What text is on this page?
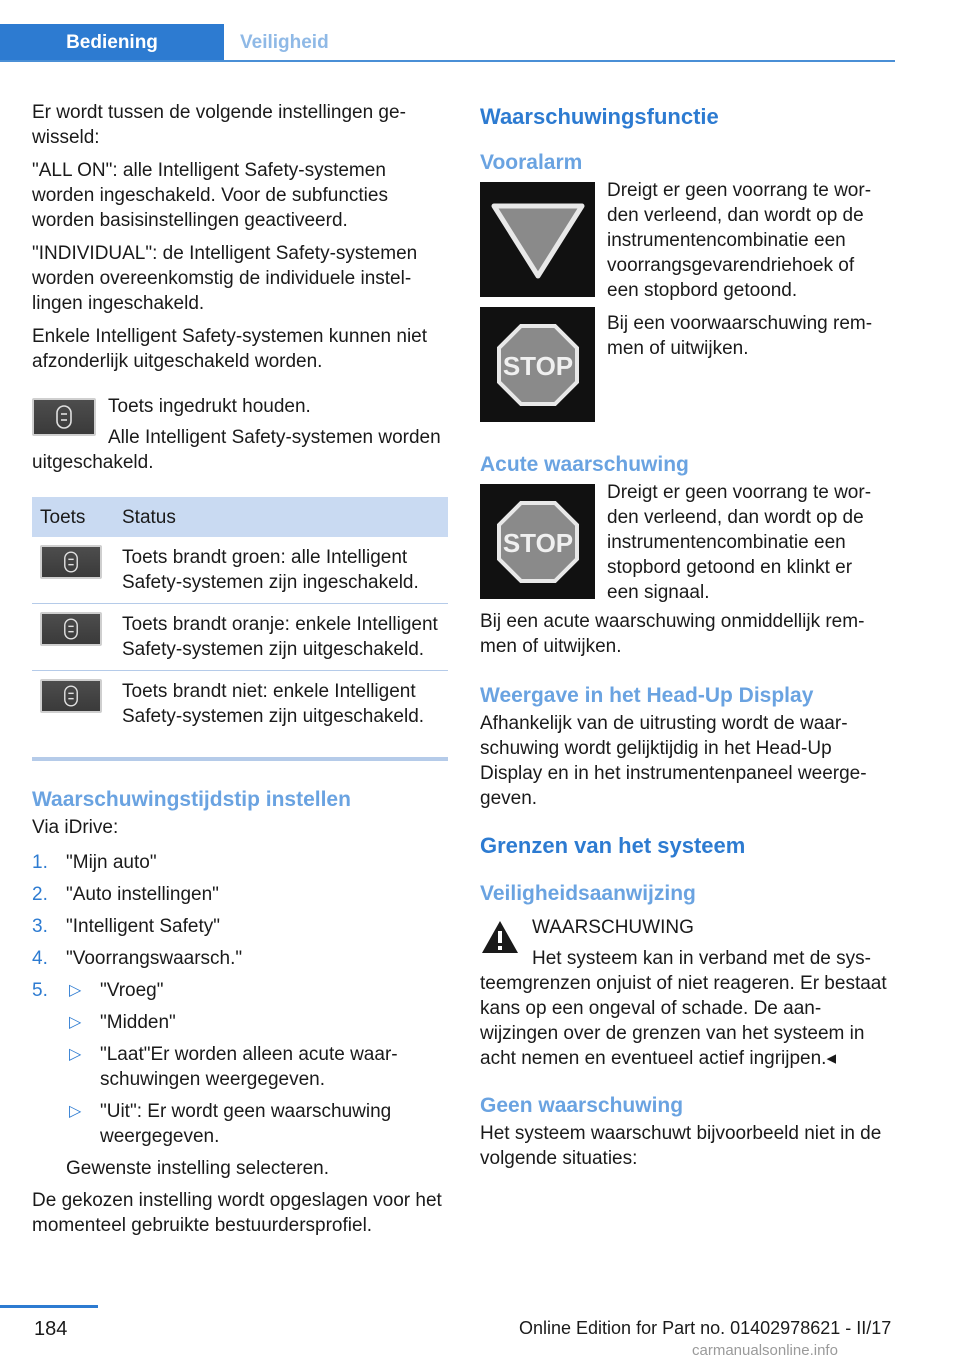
Bediening	Veiligheid

Er wordt tussen de volgende instellingen gewisseld:

"ALL ON": alle Intelligent Safety-systemen worden ingeschakeld. Voor de subfuncties worden basisinstellingen geactiveerd.

"INDIVIDUAL": de Intelligent Safety-systemen worden overeenkomstig de individuele instellingen ingeschakeld.

Enkele Intelligent Safety-systemen kunnen niet afzonderlijk uitgeschakeld worden.

Toets ingedrukt houden.

Alle Intelligent Safety-systemen worden uitgeschakeld.

Toets	Status

	Toets brandt groen: alle Intelligent Safety-systemen zijn ingeschakeld.

	Toets brandt oranje: enkele Intelligent Safety-systemen zijn uitgeschakeld.

	Toets brandt niet: enkele Intelligent Safety-systemen zijn uitgeschakeld.
Waarschuwingstijdstip instellen

Via iDrive:

1. "Mijn auto"
2. "Auto instellingen"
3. "Intelligent Safety"
4. "Voorrangswaarsch."
5. ▷ "Vroeg"
▷ "Midden"
▷ "Laat"Er worden alleen acute waarschuwingen weergegeven.
▷ "Uit": Er wordt geen waarschuwing weergegeven.
Gewenste instelling selecteren.

De gekozen instelling wordt opgeslagen voor het momenteel gebruikte bestuurdersprofiel.

Waarschuwingsfunctie
Vooralarm
STOP

Dreigt er geen voorrang te worden verleend, dan wordt op de instrumentencombinatie een voorrangsgevarendriehoek of een stopbord getoond.

Bij een voorwaarschuwing remmen of uitwijken.

Acute waarschuwing
STOP

Dreigt er geen voorrang te worden verleend, dan wordt op de instrumentencombinatie een stopbord getoond en klinkt er een signaal.

Bij een acute waarschuwing onmiddellijk remmen of uitwijken.

Weergave in het Head-Up Display

Afhankelijk van de uitrusting wordt de waarschuwing wordt gelijktijdig in het Head-Up Display en in het instrumentenpaneel weergegeven.

Grenzen van het systeem
Veiligheidsaanwijzing

WAARSCHUWING

Het systeem kan in verband met de systeemgrenzen onjuist of niet reageren. Er bestaat kans op een ongeval of schade. De aanwijzingen over de grenzen van het systeem in acht nemen en eventueel actief ingrijpen.◂

Geen waarschuwing

Het systeem waarschuwt bijvoorbeeld niet in de volgende situaties:

184	Online Edition for Part no. 01402978621 - II/17
carmanualsonline.info
